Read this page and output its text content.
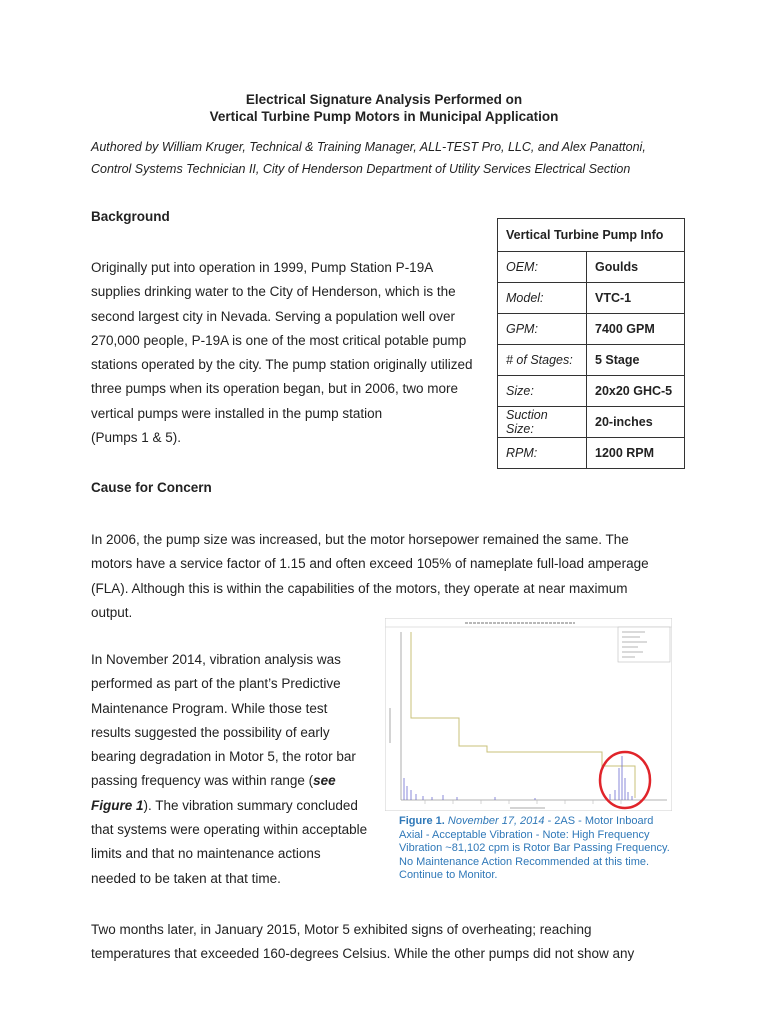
Electrical Signature Analysis Performed on
Vertical Turbine Pump Motors in Municipal Application
Authored by William Kruger, Technical & Training Manager, ALL-TEST Pro, LLC, and Alex Panattoni,
Control Systems Technician II, City of Henderson Department of Utility Services Electrical Section
Background
Originally put into operation in 1999, Pump Station P-19A
supplies drinking water to the City of Henderson, which is the
second largest city in Nevada. Serving a population well over
270,000 people, P-19A is one of the most critical potable pump
stations operated by the city. The pump station originally utilized
three pumps when its operation began, but in 2006, two more
vertical pumps were installed in the pump station
(Pumps 1 & 5).
Vertical Turbine Pump Info	
OEM:	Goulds
Model:	VTC-1
GPM:	7400 GPM
# of Stages:	5 Stage
Size:	20x20 GHC-5
Suction Size:	20-inches
RPM:	1200 RPM
Cause for Concern
In 2006, the pump size was increased, but the motor horsepower remained the same. The
motors have a service factor of 1.15 and often exceed 105% of nameplate full-load amperage
(FLA). Although this is within the capabilities of the motors, they operate at near maximum
output.
In November 2014, vibration analysis was
performed as part of the plant’s Predictive
Maintenance Program. While those test
results suggested the possibility of early
bearing degradation in Motor 5, the rotor bar
passing frequency was within range (see
Figure 1). The vibration summary concluded
that systems were operating within acceptable
limits and that no maintenance actions
needed to be taken at that time.
Figure 1. November 17, 2014 - 2AS - Motor Inboard Axial - Acceptable Vibration - Note: High Frequency Vibration ~81,102 cpm is Rotor Bar Passing Frequency. No Maintenance Action Recommended at this time. Continue to Monitor.
Two months later, in January 2015, Motor 5 exhibited signs of overheating; reaching
temperatures that exceeded 160-degrees Celsius. While the other pumps did not show any
